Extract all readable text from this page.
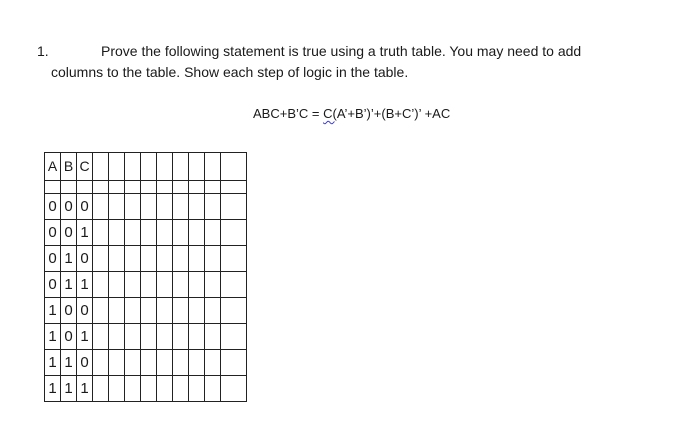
1.	Prove the following statement is true using a truth table. You may need to add
columns to the table. Show each step of logic in the table.
ABC+B’C = C(A’+B’)’+(B+C’)’ +AC
A	B	C									

0	0	0									
0	0	1									
0	1	0									
0	1	1									
1	0	0									
1	0	1									
1	1	0									
1	1	1									
